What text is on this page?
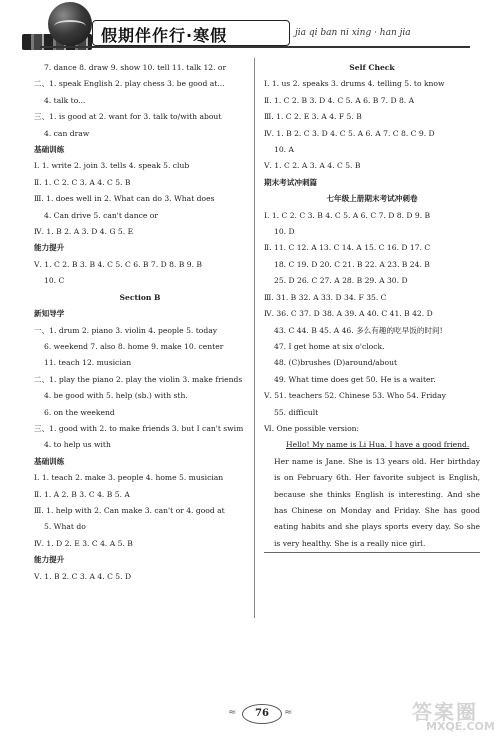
假期伴作行·寒假	jia qi ban ni xing · han jia
7. dance 8. draw 9. show 10. tell 11. talk 12. or
二、1. speak English 2. play chess 3. be good at...
4. talk to...
三、1. is good at 2. want for 3. talk to/with about
4. can draw
基础训练
Ⅰ. 1. write 2. join 3. tells 4. speak 5. club
Ⅱ. 1. C 2. C 3. A 4. C 5. B
Ⅲ. 1. does well in 2. What can do 3. What does
4. Can drive 5. can't dance or
Ⅳ. 1. B 2. A 3. D 4. G 5. E
能力提升
Ⅴ. 1. C 2. B 3. B 4. C 5. C 6. B 7. D 8. B 9. B
10. C
Section B
新知导学
一、1. drum 2. piano 3. violin 4. people 5. today
6. weekend 7. also 8. home 9. make 10. center
11. teach 12. musician
二、1. play the piano 2. play the violin 3. make friends
4. be good with 5. help (sb.) with sth.
6. on the weekend
三、1. good with 2. to make friends 3. but I can't swim
4. to help us with
基础训练
Ⅰ. 1. teach 2. make 3. people 4. home 5. musician
Ⅱ. 1. A 2. B 3. C 4. B 5. A
Ⅲ. 1. help with 2. Can make 3. can't or 4. good at
5. What do
Ⅳ. 1. D 2. E 3. C 4. A 5. B
能力提升
Ⅴ. 1. B 2. C 3. A 4. C 5. D
Self Check
Ⅰ. 1. us 2. speaks 3. drums 4. telling 5. to know
Ⅱ. 1. C 2. B 3. D 4. C 5. A 6. B 7. D 8. A
Ⅲ. 1. C 2. E 3. A 4. F 5. B
Ⅳ. 1. B 2. C 3. D 4. C 5. A 6. A 7. C 8. C 9. D
10. A
Ⅴ. 1. C 2. A 3. A 4. C 5. B
期末考试冲刺篇
七年级上册期末考试冲刺卷
Ⅰ. 1. C 2. C 3. B 4. C 5. A 6. C 7. D 8. D 9. B
10. D
Ⅱ. 11. C 12. A 13. C 14. A 15. C 16. D 17. C
18. C 19. D 20. C 21. B 22. A 23. B 24. B
25. D 26. C 27. A 28. B 29. A 30. D
Ⅲ. 31. B 32. A 33. D 34. F 35. C
Ⅳ. 36. C 37. D 38. A 39. A 40. C 41. B 42. D
43. C 44. B 45. A 46. 多么有趣的吃早饭的时间!
47. I get home at six o'clock.
48. (C)brushes (D)around/about
49. What time does get 50. He is a waiter.
Ⅴ. 51. teachers 52. Chinese 53. Who 54. Friday
55. difficult
Ⅵ. One possible version:
Hello! My name is Li Hua. I have a good friend.
Her name is Jane. She is 13 years old. Her birthday is on February 6th. Her favorite subject is English, because she thinks English is interesting. And she has Chinese on Monday and Friday. She has good eating habits and she plays sports every day. So she is very healthy. She is a really nice girl.
≈	76	≈	答案圈
MXQE.COM
